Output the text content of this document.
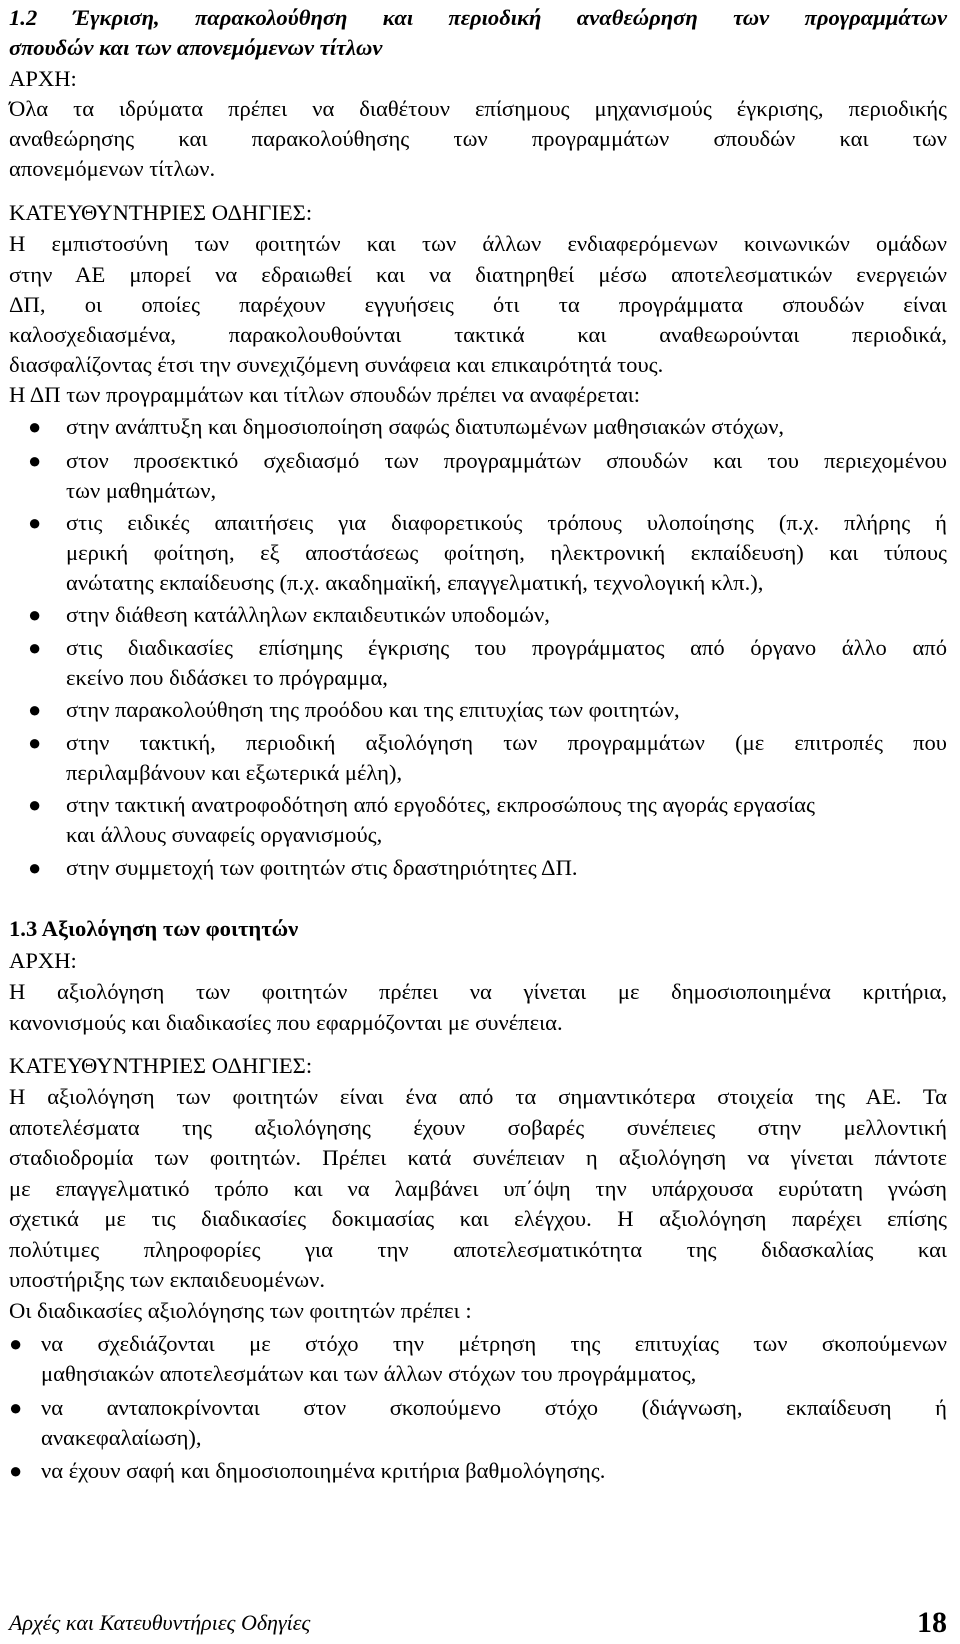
1.2 Έγκριση, παρακολούθηση και περιοδική αναθεώρηση των προγραμμάτων
σπουδών και των απονεμόμενων τίτλων
ΑΡΧΗ:
Όλα τα ιδρύματα πρέπει να διαθέτουν επίσημους μηχανισμούς έγκρισης, περιοδικής
αναθεώρησης και παρακολούθησης των προγραμμάτων σπουδών και των
απονεμόμενων τίτλων.
ΚΑΤΕΥΘΥΝΤΗΡΙΕΣ ΟΔΗΓΙΕΣ:
Η εμπιστοσύνη των φοιτητών και των άλλων ενδιαφερόμενων κοινωνικών ομάδων
στην ΑΕ μπορεί να εδραιωθεί και να διατηρηθεί μέσω αποτελεσματικών ενεργειών
ΔΠ, οι οποίες παρέχουν εγγυήσεις ότι τα προγράμματα σπουδών είναι
καλοσχεδιασμένα, παρακολουθούνται τακτικά και αναθεωρούνται περιοδικά,
διασφαλίζοντας έτσι την συνεχιζόμενη συνάφεια και επικαιρότητά τους.
Η ΔΠ των προγραμμάτων και τίτλων σπουδών πρέπει να αναφέρεται:
● στην ανάπτυξη και δημοσιοποίηση σαφώς διατυπωμένων μαθησιακών στόχων,
● στον προσεκτικό σχεδιασμό των προγραμμάτων σπουδών και του περιεχομένου
των μαθημάτων,
● στις ειδικές απαιτήσεις για διαφορετικούς τρόπους υλοποίησης (π.χ. πλήρης ή
μερική φοίτηση, εξ αποστάσεως φοίτηση, ηλεκτρονική εκπαίδευση) και τύπους
ανώτατης εκπαίδευσης (π.χ. ακαδημαϊκή, επαγγελματική, τεχνολογική κλπ.),
● στην διάθεση κατάλληλων εκπαιδευτικών υποδομών,
● στις διαδικασίες επίσημης έγκρισης του προγράμματος από όργανο άλλο από
εκείνο που διδάσκει το πρόγραμμα,
● στην παρακολούθηση της προόδου και της επιτυχίας των φοιτητών,
● στην τακτική, περιοδική αξιολόγηση των προγραμμάτων (με επιτροπές που
περιλαμβάνουν και εξωτερικά μέλη),
● στην τακτική ανατροφοδότηση από εργοδότες, εκπροσώπους της αγοράς εργασίας
και άλλους συναφείς οργανισμούς,
● στην συμμετοχή των φοιτητών στις δραστηριότητες ΔΠ.
1.3 Αξιολόγηση των φοιτητών
ΑΡΧΗ:
Η αξιολόγηση των φοιτητών πρέπει να γίνεται με δημοσιοποιημένα κριτήρια,
κανονισμούς και διαδικασίες που εφαρμόζονται με συνέπεια.
ΚΑΤΕΥΘΥΝΤΗΡΙΕΣ ΟΔΗΓΙΕΣ:
Η αξιολόγηση των φοιτητών είναι ένα από τα σημαντικότερα στοιχεία της ΑΕ. Τα
αποτελέσματα της αξιολόγησης έχουν σοβαρές συνέπειες στην μελλοντική
σταδιοδρομία των φοιτητών. Πρέπει κατά συνέπειαν η αξιολόγηση να γίνεται πάντοτε
με επαγγελματικό τρόπο και να λαμβάνει υπ΄όψη την υπάρχουσα ευρύτατη γνώση
σχετικά με τις διαδικασίες δοκιμασίας και ελέγχου. Η αξιολόγηση παρέχει επίσης
πολύτιμες πληροφορίες για την αποτελεσματικότητα της διδασκαλίας και
υποστήριξης των εκπαιδευομένων.
Οι διαδικασίες αξιολόγησης των φοιτητών πρέπει :
● να σχεδιάζονται με στόχο την μέτρηση της επιτυχίας των σκοπούμενων
μαθησιακών αποτελεσμάτων και των άλλων στόχων του προγράμματος,
● να ανταποκρίνονται στον σκοπούμενο στόχο (διάγνωση, εκπαίδευση ή
ανακεφαλαίωση),
● να έχουν σαφή και δημοσιοποιημένα κριτήρια βαθμολόγησης.
Αρχές και Κατευθυντήριες Οδηγίες	18
